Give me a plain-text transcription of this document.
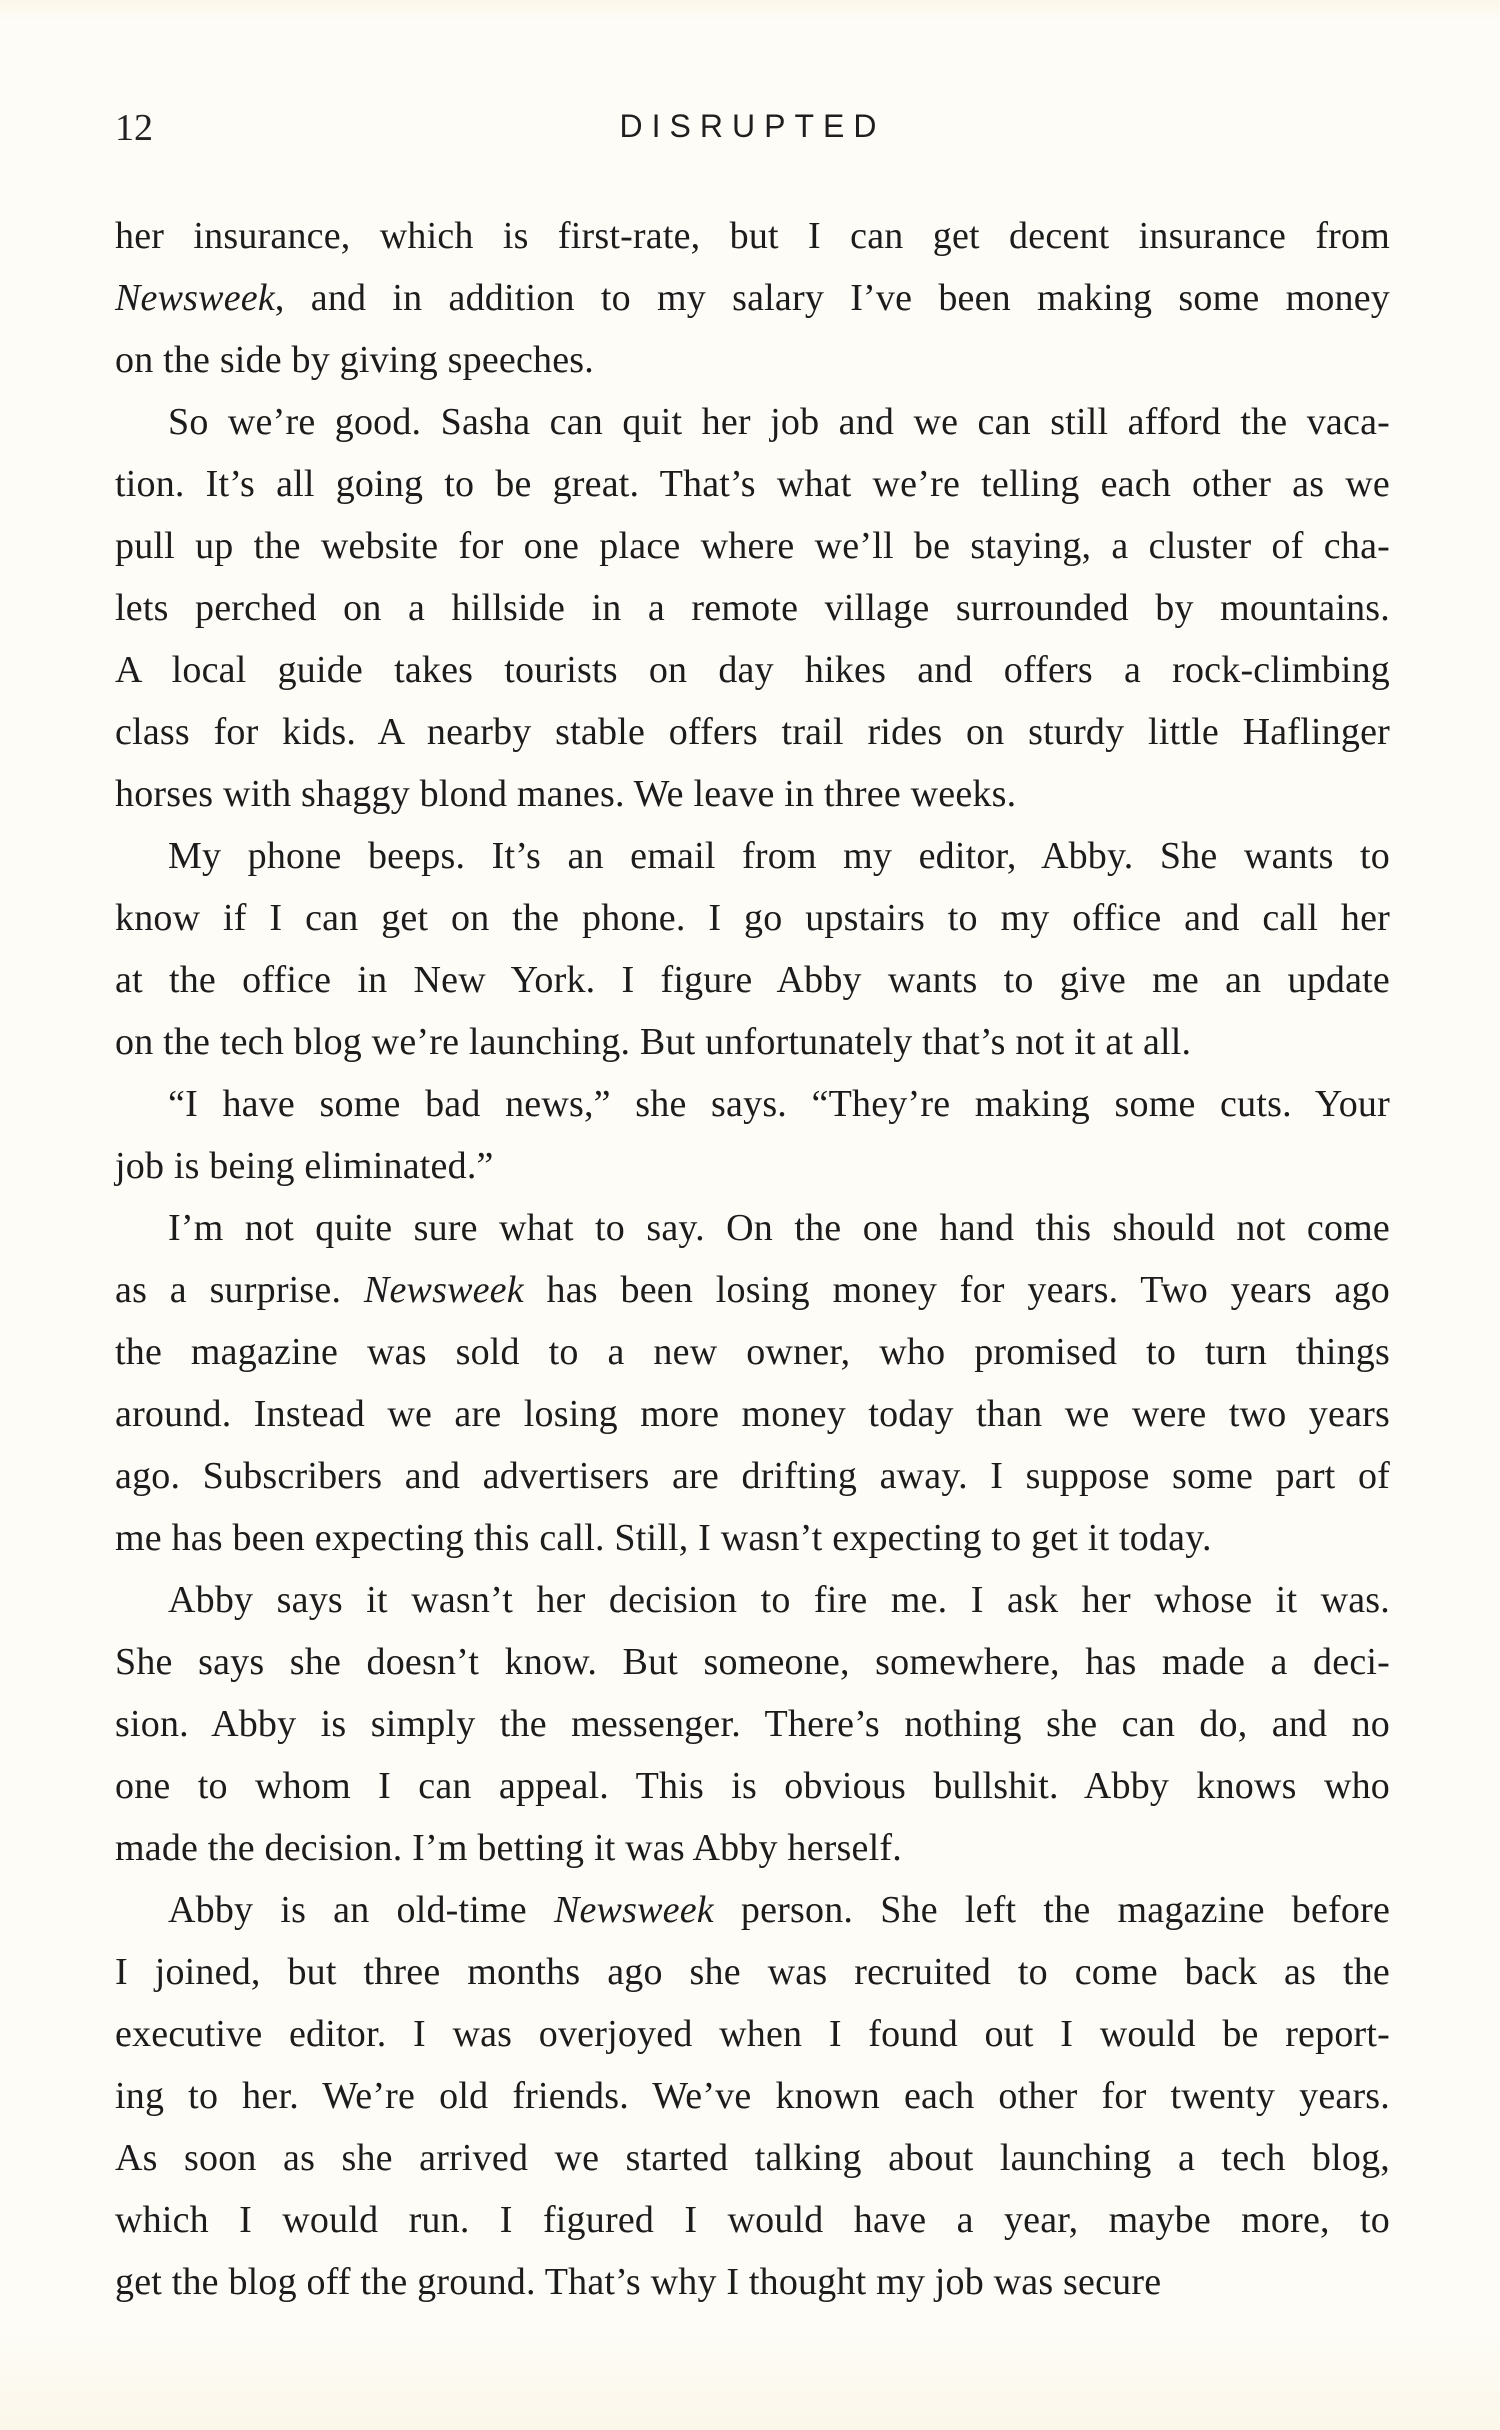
12	DISRUPTED
her insurance, which is first-rate, but I can get decent insurance from
Newsweek, and in addition to my salary I’ve been making some money
on the side by giving speeches.
So we’re good. Sasha can quit her job and we can still afford the vaca-
tion. It’s all going to be great. That’s what we’re telling each other as we
pull up the website for one place where we’ll be staying, a cluster of cha-
lets perched on a hillside in a remote village surrounded by mountains.
A local guide takes tourists on day hikes and offers a rock-climbing
class for kids. A nearby stable offers trail rides on sturdy little Haflinger
horses with shaggy blond manes. We leave in three weeks.
My phone beeps. It’s an email from my editor, Abby. She wants to
know if I can get on the phone. I go upstairs to my office and call her
at the office in New York. I figure Abby wants to give me an update
on the tech blog we’re launching. But unfortunately that’s not it at all.
“I have some bad news,” she says. “They’re making some cuts. Your
job is being eliminated.”
I’m not quite sure what to say. On the one hand this should not come
as a surprise. Newsweek has been losing money for years. Two years ago
the magazine was sold to a new owner, who promised to turn things
around. Instead we are losing more money today than we were two years
ago. Subscribers and advertisers are drifting away. I suppose some part of
me has been expecting this call. Still, I wasn’t expecting to get it today.
Abby says it wasn’t her decision to fire me. I ask her whose it was.
She says she doesn’t know. But someone, somewhere, has made a deci-
sion. Abby is simply the messenger. There’s nothing she can do, and no
one to whom I can appeal. This is obvious bullshit. Abby knows who
made the decision. I’m betting it was Abby herself.
Abby is an old-time Newsweek person. She left the magazine before
I joined, but three months ago she was recruited to come back as the
executive editor. I was overjoyed when I found out I would be report-
ing to her. We’re old friends. We’ve known each other for twenty years.
As soon as she arrived we started talking about launching a tech blog,
which I would run. I figured I would have a year, maybe more, to
get the blog off the ground. That’s why I thought my job was secure
